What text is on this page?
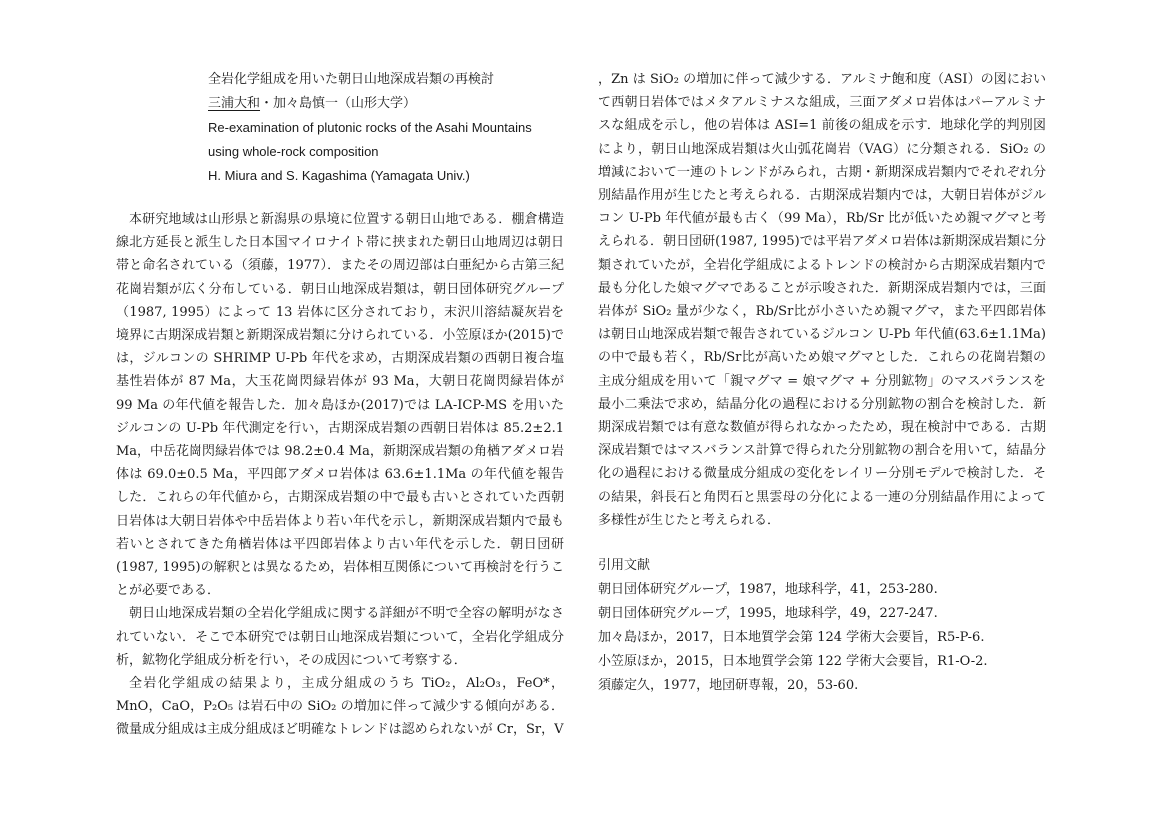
全岩化学組成を用いた朝日山地深成岩類の再検討
三浦大和・加々島慎一（山形大学）
Re-examination of plutonic rocks of the Asahi Mountains
using whole-rock composition
H. Miura and S. Kagashima (Yamagata Univ.)

本研究地域は山形県と新潟県の県境に位置する朝日山地である．棚倉構造線北方延長と派生した日本国マイロナイト帯に挟まれた朝日山地周辺は朝日帯と命名されている（須藤，1977）．またその周辺部は白亜紀から古第三紀花崗岩類が広く分布している．朝日山地深成岩類は，朝日団体研究グループ（1987, 1995）によって 13 岩体に区分されており，末沢川溶結凝灰岩を境界に古期深成岩類と新期深成岩類に分けられている．小笠原ほか(2015)では，ジルコンの SHRIMP U-Pb 年代を求め，古期深成岩類の西朝日複合塩基性岩体が 87 Ma，大玉花崗閃緑岩体が 93 Ma，大朝日花崗閃緑岩体が 99 Ma の年代値を報告した．加々島ほか(2017)では LA-ICP-MS を用いたジルコンの U-Pb 年代測定を行い，古期深成岩類の西朝日岩体は 85.2±2.1 Ma，中岳花崗閃緑岩体では 98.2±0.4 Ma，新期深成岩類の角楢アダメロ岩体は 69.0±0.5 Ma，平四郎アダメロ岩体は 63.6±1.1Ma の年代値を報告した．これらの年代値から，古期深成岩類の中で最も古いとされていた西朝日岩体は大朝日岩体や中岳岩体より若い年代を示し，新期深成岩類内で最も若いとされてきた角楢岩体は平四郎岩体より古い年代を示した．朝日団研(1987, 1995)の解釈とは異なるため，岩体相互関係について再検討を行うことが必要である．

朝日山地深成岩類の全岩化学組成に関する詳細が不明で全容の解明がなされていない．そこで本研究では朝日山地深成岩類について，全岩化学組成分析，鉱物化学組成分析を行い，その成因について考察する．

全岩化学組成の結果より，主成分組成のうち TiO₂，Al₂O₃，FeO*，MnO，CaO，P₂O₅ は岩石中の SiO₂ の増加に伴って減少する傾向がある．微量成分組成は主成分組成ほど明確なトレンドは認められないが Cr，Sr，V

，Zn は SiO₂ の増加に伴って減少する．アルミナ飽和度（ASI）の図において西朝日岩体ではメタアルミナスな組成，三面アダメロ岩体はパーアルミナスな組成を示し，他の岩体は ASI=1 前後の組成を示す．地球化学的判別図により，朝日山地深成岩類は火山弧花崗岩（VAG）に分類される．SiO₂ の増減において一連のトレンドがみられ，古期・新期深成岩類内でそれぞれ分別結晶作用が生じたと考えられる．古期深成岩類内では，大朝日岩体がジルコン U-Pb 年代値が最も古く（99 Ma），Rb/Sr 比が低いため親マグマと考えられる．朝日団研(1987, 1995)では平岩アダメロ岩体は新期深成岩類に分類されていたが，全岩化学組成によるトレンドの検討から古期深成岩類内で最も分化した娘マグマであることが示唆された．新期深成岩類内では，三面岩体が SiO₂ 量が少なく，Rb/Sr比が小さいため親マグマ，また平四郎岩体は朝日山地深成岩類で報告されているジルコン U-Pb 年代値(63.6±1.1Ma)の中で最も若く，Rb/Sr比が高いため娘マグマとした．これらの花崗岩類の主成分組成を用いて「親マグマ = 娘マグマ + 分別鉱物」のマスバランスを最小二乗法で求め，結晶分化の過程における分別鉱物の割合を検討した．新期深成岩類では有意な数値が得られなかったため，現在検討中である．古期深成岩類ではマスバランス計算で得られた分別鉱物の割合を用いて，結晶分化の過程における微量成分組成の変化をレイリー分別モデルで検討した．その結果，斜長石と角閃石と黒雲母の分化による一連の分別結晶作用によって多様性が生じたと考えられる．

引用文献
朝日団体研究グループ，1987，地球科学，41，253-280.
朝日団体研究グループ，1995，地球科学，49，227-247.
加々島ほか，2017，日本地質学会第 124 学術大会要旨，R5-P-6.
小笠原ほか，2015，日本地質学会第 122 学術大会要旨，R1-O-2.
須藤定久，1977，地団研専報，20，53-60.
